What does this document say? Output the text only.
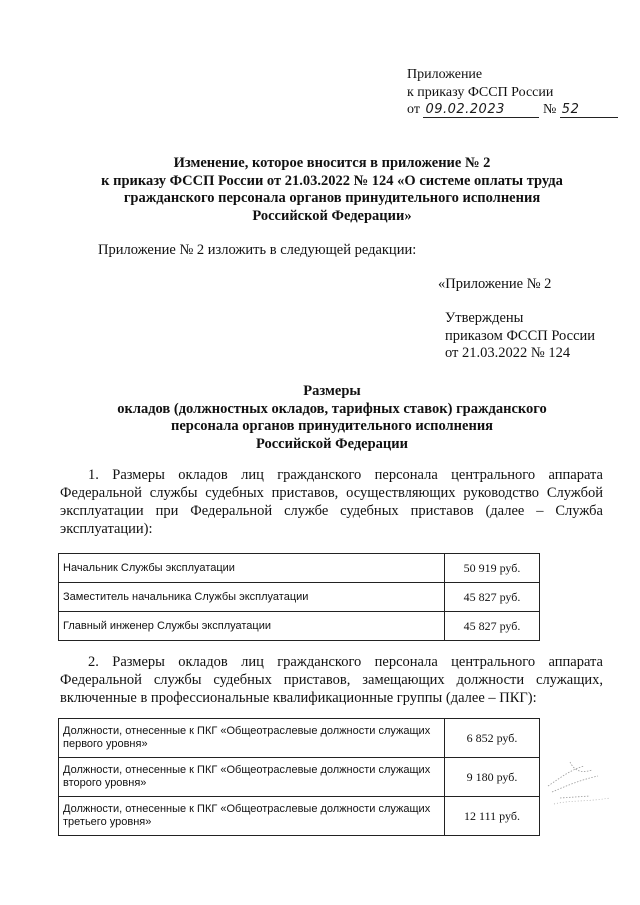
Приложение
к приказу ФССП России
от 09.02.2023	№ 52
Изменение, которое вносится в приложение № 2
к приказу ФССП России от 21.03.2022 № 124 «О системе оплаты труда
гражданского персонала органов принудительного исполнения
Российской Федерации»
Приложение № 2 изложить в следующей редакции:
«Приложение № 2
Утверждены
приказом ФССП России
от 21.03.2022 № 124
Размеры
окладов (должностных окладов, тарифных ставок) гражданского
персонала органов принудительного исполнения
Российской Федерации
1. Размеры окладов лиц гражданского персонала центрального аппарата Федеральной службы судебных приставов, осуществляющих руководство Службой эксплуатации при Федеральной службе судебных приставов (далее – Служба эксплуатации):
Начальник Службы эксплуатации	50 919 руб.
Заместитель начальника Службы эксплуатации	45 827 руб.
Главный инженер Службы эксплуатации	45 827 руб.
2. Размеры окладов лиц гражданского персонала центрального аппарата Федеральной службы судебных приставов, замещающих должности служащих, включенные в профессиональные квалификационные группы (далее – ПКГ):
Должности, отнесенные к ПКГ «Общеотраслевые должности служащих первого уровня»	6 852 руб.
Должности, отнесенные к ПКГ «Общеотраслевые должности служащих второго уровня»	9 180 руб.
Должности, отнесенные к ПКГ «Общеотраслевые должности служащих третьего уровня»	12 111 руб.
